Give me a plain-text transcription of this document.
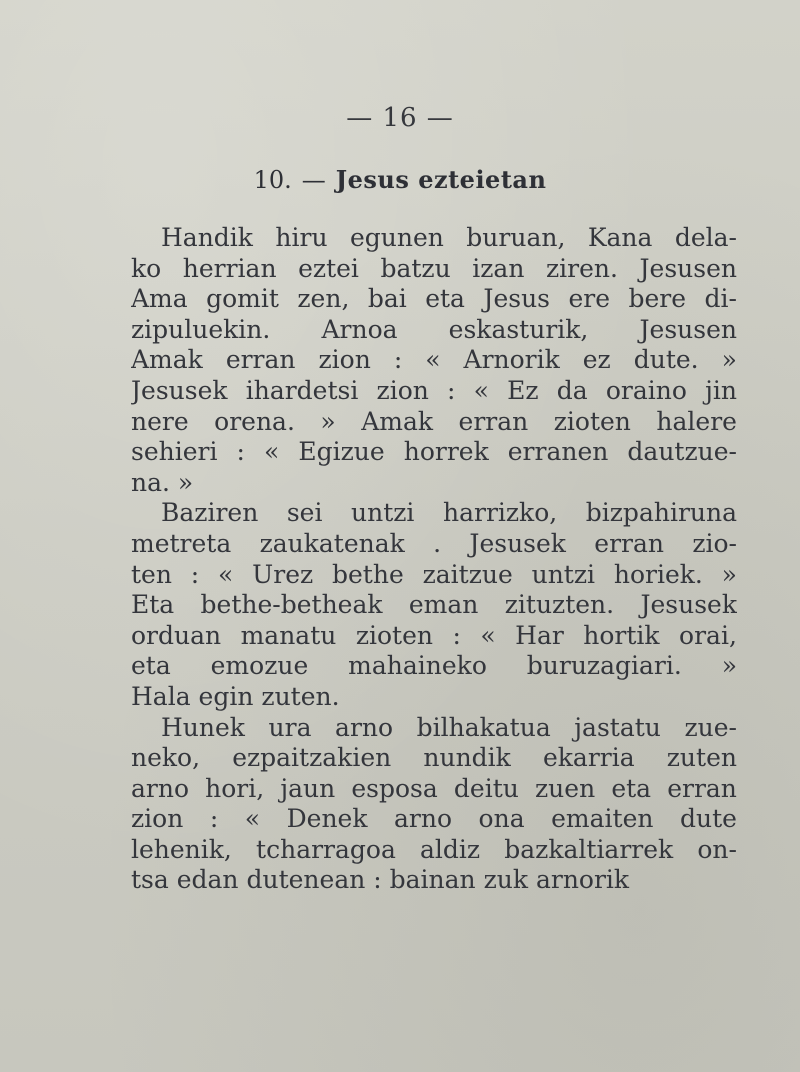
— 16 —
10. — Jesus ezteietan
Handik hiru egunen buruan, Kana dela-
ko herrian eztei batzu izan ziren. Jesusen
Ama gomit zen, bai eta Jesus ere bere di-
zipuluekin. Arnoa eskasturik, Jesusen
Amak erran zion : « Arnorik ez dute. »
Jesusek ihardetsi zion : « Ez da oraino jin
nere orena. » Amak erran zioten halere
sehieri : « Egizue horrek erranen dautzue-
na. »
Baziren sei untzi harrizko, bizpahiruna
metreta zaukatenak . Jesusek erran zio-
ten : « Urez bethe zaitzue untzi horiek. »
Eta bethe-betheak eman zituzten. Jesusek
orduan manatu zioten : « Har hortik orai,
eta emozue mahaineko buruzagiari. »
Hala egin zuten.
Hunek ura arno bilhakatua jastatu zue-
neko, ezpaitzakien nundik ekarria zuten
arno hori, jaun esposa deitu zuen eta erran
zion : « Denek arno ona emaiten dute
lehenik, tcharragoa aldiz bazkaltiarrek on-
tsa edan dutenean : bainan zuk arnorik
